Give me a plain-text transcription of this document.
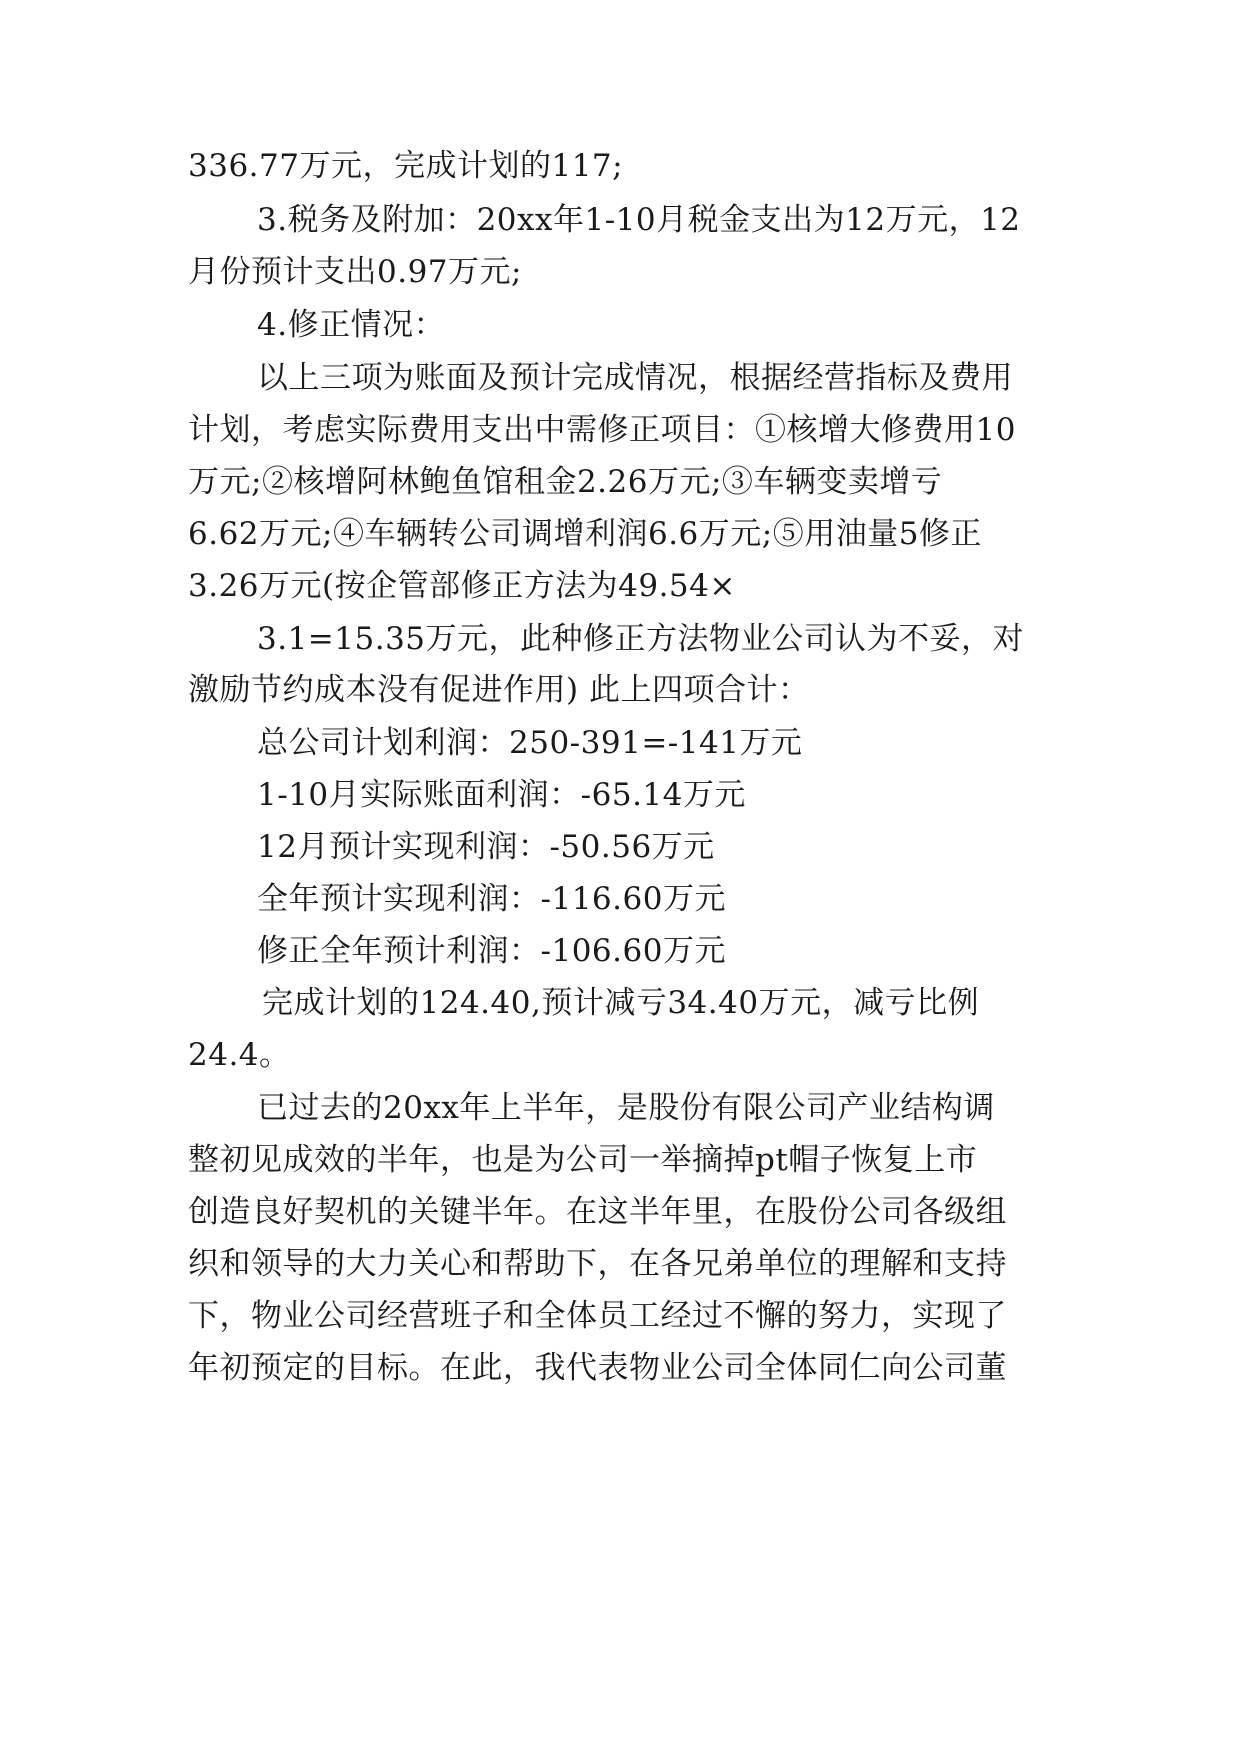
336.77万元，完成计划的117;
3.税务及附加：20xx年1-10月税金支出为12万元，12
月份预计支出0.97万元;
4.修正情况：
以上三项为账面及预计完成情况，根据经营指标及费用
计划，考虑实际费用支出中需修正项目：①核增大修费用10
万元;②核增阿林鲍鱼馆租金2.26万元;③车辆变卖增亏
6.62万元;④车辆转公司调增利润6.6万元;⑤用油量5修正
3.26万元(按企管部修正方法为49.54×
3.1=15.35万元，此种修正方法物业公司认为不妥，对
激励节约成本没有促进作用) 此上四项合计：
总公司计划利润：250-391=-141万元
1-10月实际账面利润：-65.14万元
12月预计实现利润：-50.56万元
全年预计实现利润：-116.60万元
修正全年预计利润：-106.60万元
完成计划的124.40,预计减亏34.40万元，减亏比例
24.4。
已过去的20xx年上半年，是股份有限公司产业结构调
整初见成效的半年，也是为公司一举摘掉pt帽子恢复上市
创造良好契机的关键半年。在这半年里，在股份公司各级组
织和领导的大力关心和帮助下，在各兄弟单位的理解和支持
下，物业公司经营班子和全体员工经过不懈的努力，实现了
年初预定的目标。在此，我代表物业公司全体同仁向公司董
